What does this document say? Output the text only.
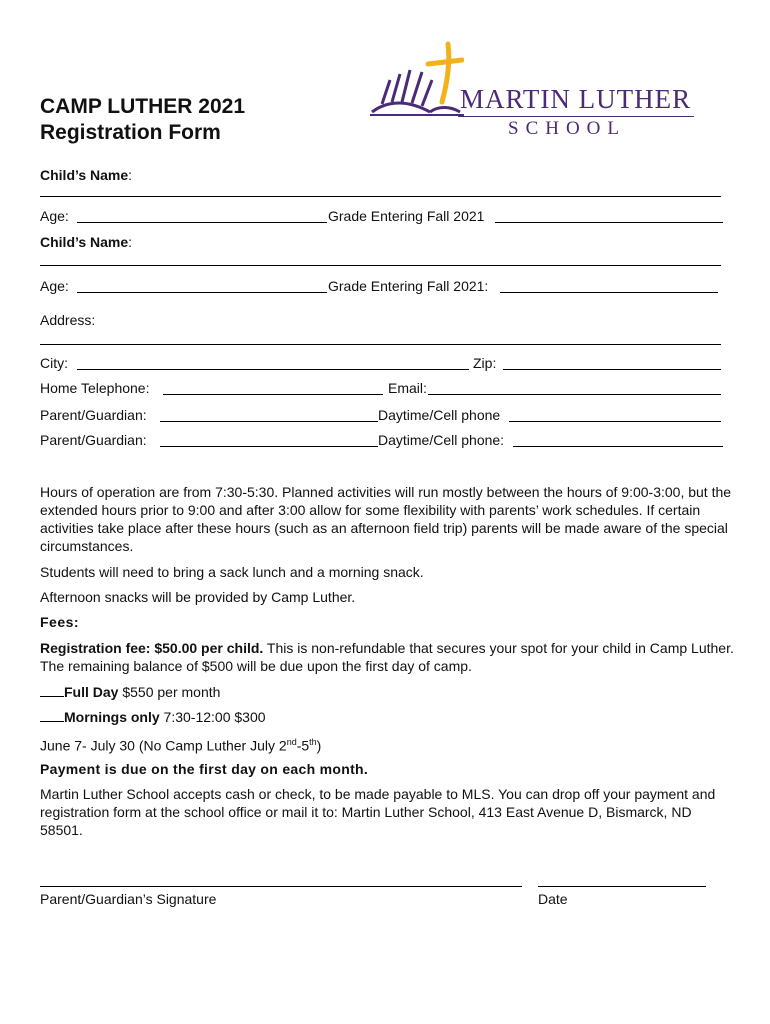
CAMP LUTHER 2021
Registration Form
MARTIN LUTHER
SCHOOL
Child’s Name:
Age:	Grade Entering Fall 2021
Child’s Name:
Age:	Grade Entering Fall 2021:
Address:
City:	Zip:
Home Telephone:	Email:
Parent/Guardian:	Daytime/Cell phone
Parent/Guardian:	Daytime/Cell phone:
Hours of operation are from 7:30-5:30. Planned activities will run mostly between the hours of 9:00-3:00, but the extended hours prior to 9:00 and after 3:00 allow for some flexibility with parents’ work schedules. If certain activities take place after these hours (such as an afternoon field trip) parents will be made aware of the special circumstances.
Students will need to bring a sack lunch and a morning snack.
Afternoon snacks will be provided by Camp Luther.
Fees:
Registration fee: $50.00 per child. This is non-refundable that secures your spot for your child in Camp Luther. The remaining balance of $500 will be due upon the first day of camp.
Full Day $550 per month
Mornings only 7:30-12:00 $300
June 7- July 30 (No Camp Luther July 2nd-5th)
Payment is due on the first day on each month.
Martin Luther School accepts cash or check, to be made payable to MLS. You can drop off your payment and registration form at the school office or mail it to: Martin Luther School, 413 East Avenue D, Bismarck, ND 58501.
Parent/Guardian’s Signature	Date
